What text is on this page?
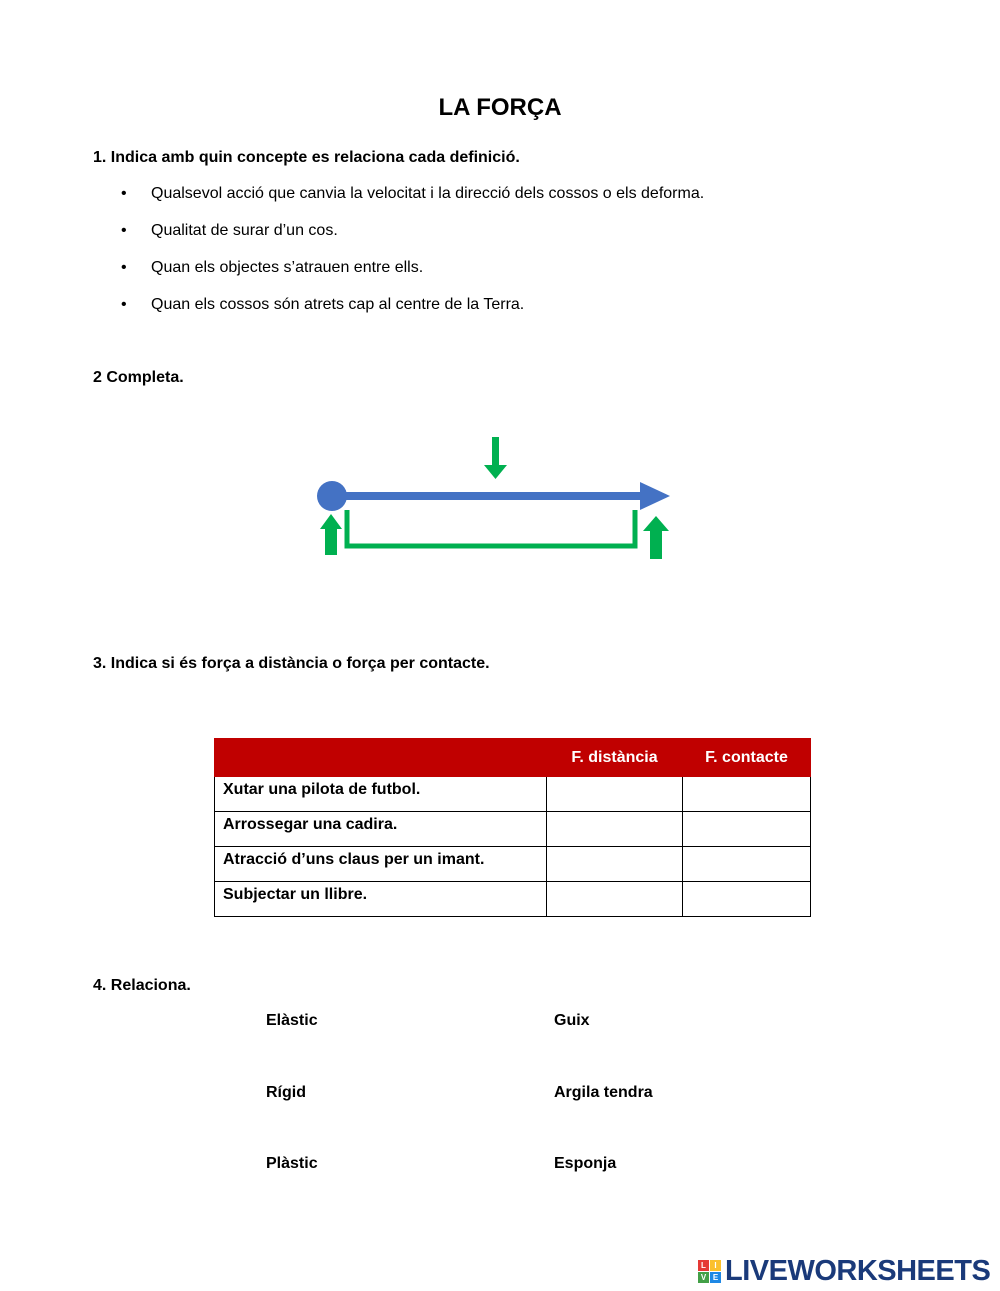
LA FORÇA

1. Indica amb quin concepte es relaciona cada definició.

•	Qualsevol acció que canvia la velocitat i la direcció dels cossos o els deforma.
•	Qualitat de surar d’un cos.
•	Quan els objectes s’atrauen entre ells.
•	Quan els cossos són atrets cap al centre de la Terra.

2 Completa.

3. Indica si és força a distància o força per contacte.

	F. distància	F. contacte
Xutar una pilota de futbol.		
Arrossegar una cadira.		
Atracció d’uns claus per un imant.		
Subjectar un llibre.		

4. Relaciona.

Elàstic
Rígid
Plàstic
Guix
Argila tendra
Esponja
L	I
V E LIVEWORKSHEETS
